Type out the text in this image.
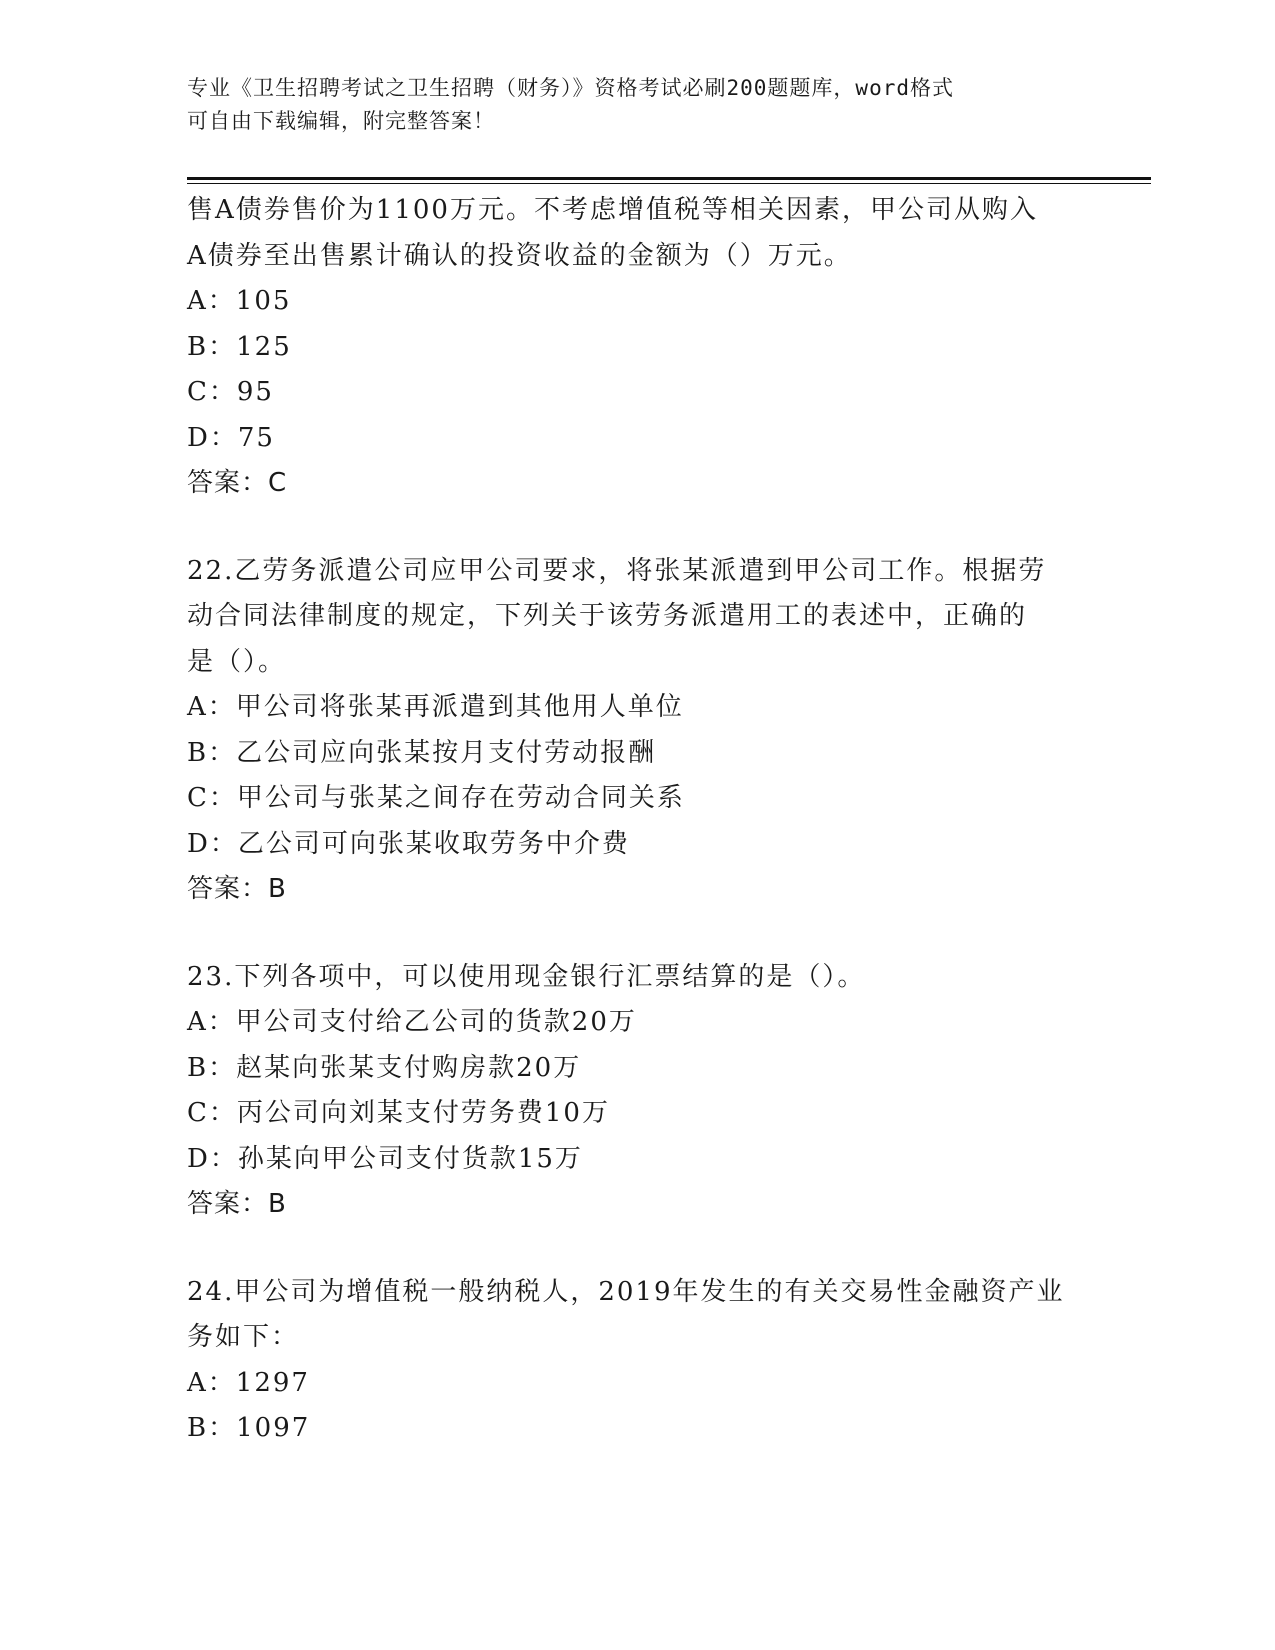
专业《卫生招聘考试之卫生招聘（财务）》资格考试必刷200题题库，word格式
可自由下载编辑，附完整答案！
售A债券售价为1100万元。不考虑增值税等相关因素，甲公司从购入
A债券至出售累计确认的投资收益的金额为（）万元。
A：105
B：125
C：95
D：75
答案：C
22.乙劳务派遣公司应甲公司要求，将张某派遣到甲公司工作。根据劳
动合同法律制度的规定，下列关于该劳务派遣用工的表述中，正确的
是（）。
A：甲公司将张某再派遣到其他用人单位
B：乙公司应向张某按月支付劳动报酬
C：甲公司与张某之间存在劳动合同关系
D：乙公司可向张某收取劳务中介费
答案：B
23.下列各项中，可以使用现金银行汇票结算的是（）。
A：甲公司支付给乙公司的货款20万
B：赵某向张某支付购房款20万
C：丙公司向刘某支付劳务费10万
D：孙某向甲公司支付货款15万
答案：B
24.甲公司为增值税一般纳税人，2019年发生的有关交易性金融资产业
务如下：
A：1297
B：1097
